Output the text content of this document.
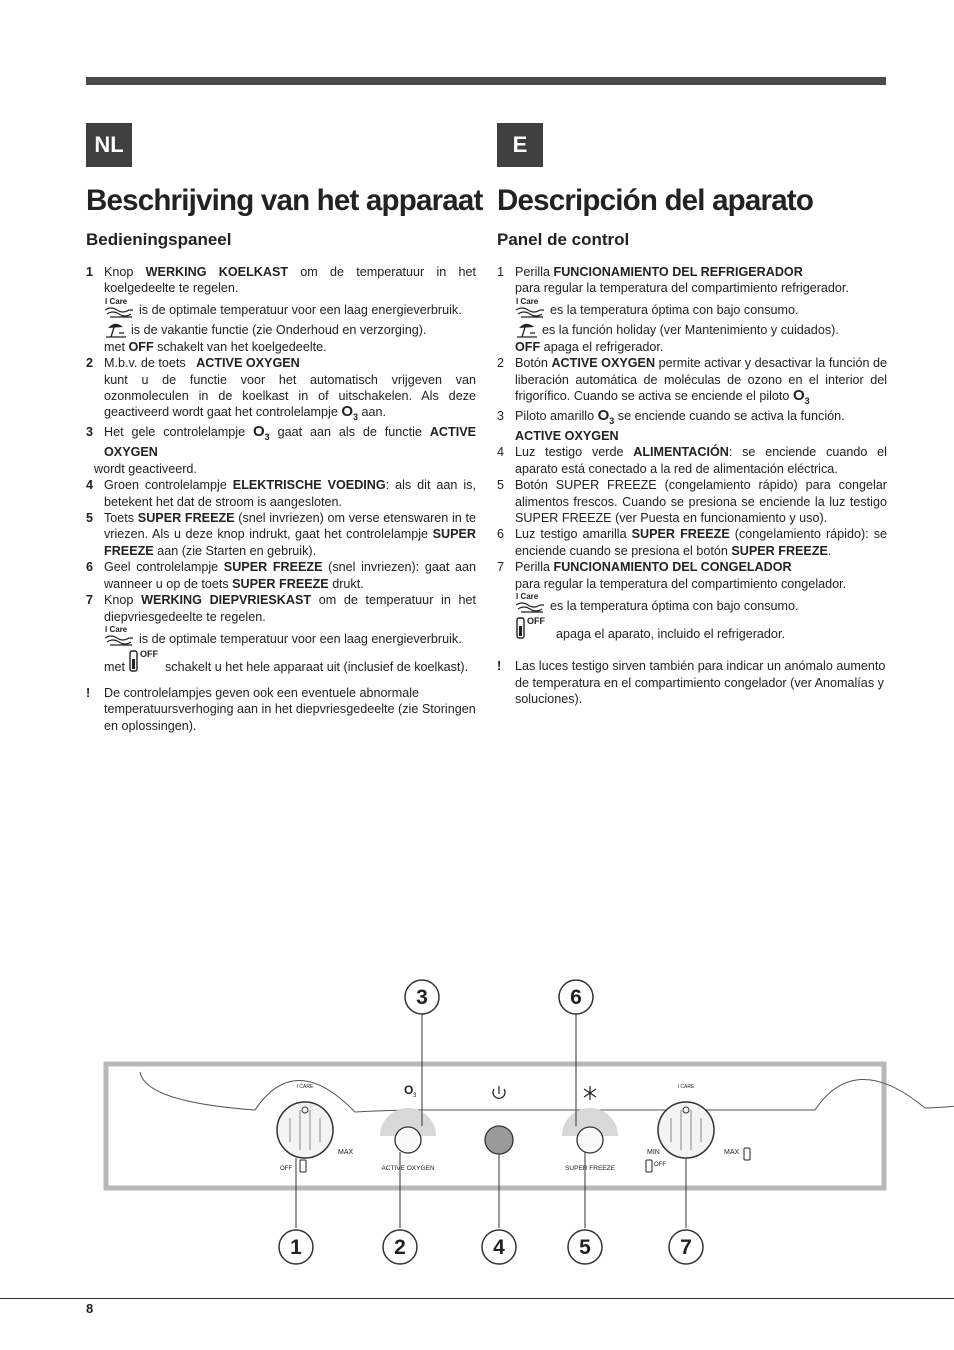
NL	E
Beschrijving van het apparaat
Bedieningspaneel
1 Knop WERKING KOELKAST om de temperatuur in het koelgedeelte te regelen.
I Care
is de optimale temperatuur voor een laag energieverbruik.
is de vakantie functie (zie Onderhoud en verzorging).
met OFF schakelt van het koelgedeelte.
2 M.b.v. de toets   ACTIVE OXYGEN
kunt u de functie voor het automatisch vrijgeven van ozonmoleculen in de koelkast in of uitschakelen. Als deze geactiveerd wordt gaat het controlelampje $O_3$ aan.
3 Het gele controlelampje $O_3$ gaat aan als de functie ACTIVE OXYGEN
wordt geactiveerd.
4 Groen controlelampje ELEKTRISCHE VOEDING: als dit aan is, betekent het dat de stroom is aangesloten.
5 Toets SUPER FREEZE (snel invriezen) om verse etenswaren in te vriezen. Als u deze knop indrukt, gaat het controlelampje SUPER FREEZE aan (zie Starten en gebruik).
6 Geel controlelampje SUPER FREEZE (snel invriezen): gaat aan wanneer u op de toets SUPER FREEZE drukt.
7 Knop WERKING DIEPVRIESKAST om de temperatuur in het diepvriesgedeelte te regelen.
I Care
is de optimale temperatuur voor een laag energieverbruik.
met
OFF
schakelt u het hele apparaat uit (inclusief de koelkast).
!	De controlelampjes geven ook een eventuele abnormale temperatuursverhoging aan in het diepvriesgedeelte (zie Storingen en oplossingen).
Descripción del aparato
Panel de control
1 Perilla FUNCIONAMIENTO DEL REFRIGERADOR
para regular la temperatura del compartimiento refrigerador.
I Care
es la temperatura óptima con bajo consumo.
es la función holiday (ver Mantenimiento y cuidados).
OFF apaga el refrigerador.
2 Botón ACTIVE OXYGEN permite activar y desactivar la función de liberación automática de moléculas de ozono en el interior del frigorífico. Cuando se activa se enciende el piloto $O_3$
3 Piloto amarillo $O_3$ se enciende cuando se activa la función.
ACTIVE OXYGEN
4 Luz testigo verde ALIMENTACIÓN: se enciende cuando el aparato está conectado a la red de alimentación eléctrica.
5 Botón SUPER FREEZE (congelamiento rápido) para congelar alimentos frescos. Cuando se presiona se enciende la luz testigo SUPER FREEZE (ver Puesta en funcionamiento y uso).
6 Luz testigo amarilla SUPER FREEZE (congelamiento rápido): se enciende cuando se presiona el botón SUPER FREEZE.
7 Perilla FUNCIONAMIENTO DEL CONGELADOR
para regular la temperatura del compartimiento congelador.
I Care
es la temperatura óptima con bajo consumo.
OFF
apaga el aparato, incluido el refrigerador.
!	Las luces testigo sirven también para indicar un anómalo aumento de temperatura en el compartimiento congelador (ver Anomalías y soluciones).
I CARE
MAX
OFF	ACTIVE OXYGEN
O 3
SUPER FREEZE
I CARE
MAX
MIN
OFF
3	6
1	2	4	5	7
8
